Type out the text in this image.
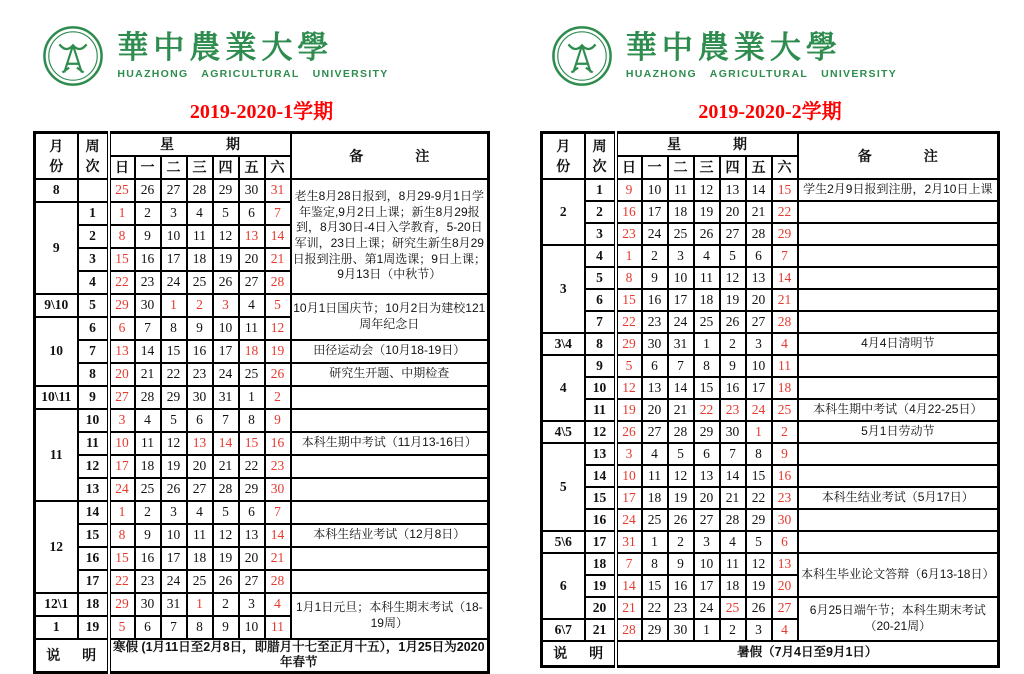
華中農業大學
HUAZHONG AGRICULTURAL UNIVERSITY
2019-2020-1学期
月
份

周
次

星	期

备	注

		日	一	二	三	四	五	六	
8		25	26	27	28	29	30	31	老生8月28日报到，8月29-9月1日学年鉴定,9月2日上课；新生8月29报到，8月30日-4日入学教育，5-20日军训，23日上课；研究生新生8月29日报到注册、第1周选课；9日上课；9月13日（中秋节）
9	1	1	2	3	4	5	6	7	
	2	8	9	10	11	12	13	14	
	3	15	16	17	18	19	20	21	
	4	22	23	24	25	26	27	28	
9\10	5	29	30	1	2	3	4	5	10月1日国庆节；10月2日为建校121周年纪念日
10	6	6	7	8	9	10	11	12	
	7	13	14	15	16	17	18	19	田径运动会（10月18-19日）
	8	20	21	22	23	24	25	26	研究生开题、中期检查
10\11	9	27	28	29	30	31	1	2	
11	10	3	4	5	6	7	8	9	
	11	10	11	12	13	14	15	16	本科生期中考试（11月13-16日）
	12	17	18	19	20	21	22	23	
	13	24	25	26	27	28	29	30	
12	14	1	2	3	4	5	6	7	
	15	8	9	10	11	12	13	14	本科生结业考试（12月8日）
	16	15	16	17	18	19	20	21	
	17	22	23	24	25	26	27	28	
12\1	18	29	30	31	1	2	3	4	1月1日元旦；本科生期末考试（18-19周）
1	19	5	6	7	8	9	10	11	
说 明		寒假 (1月11日至2月8日，即腊月十七至正月十五），1月25日为2020年春节							
華中農業大學
HUAZHONG AGRICULTURAL UNIVERSITY
2019-2020-2学期
月
份

周
次

星	期

备	注

		日	一	二	三	四	五	六	
2	1	9	10	11	12	13	14	15	学生2月9日报到注册，2月10日上课
	2	16	17	18	19	20	21	22	
	3	23	24	25	26	27	28	29	
3	4	1	2	3	4	5	6	7	
	5	8	9	10	11	12	13	14	
	6	15	16	17	18	19	20	21	
	7	22	23	24	25	26	27	28	
3\4	8	29	30	31	1	2	3	4	4月4日清明节
4	9	5	6	7	8	9	10	11	
	10	12	13	14	15	16	17	18	
	11	19	20	21	22	23	24	25	本科生期中考试（4月22-25日）
4\5	12	26	27	28	29	30	1	2	5月1日劳动节
5	13	3	4	5	6	7	8	9	
	14	10	11	12	13	14	15	16	
	15	17	18	19	20	21	22	23	本科生结业考试（5月17日）
	16	24	25	26	27	28	29	30	
5\6	17	31	1	2	3	4	5	6	
6	18	7	8	9	10	11	12	13	本科生毕业论文答辩（6月13-18日）
	19	14	15	16	17	18	19	20	
	20	21	22	23	24	25	26	27	6月25日端午节；本科生期末考试（20-21周）
6\7	21	28	29	30	1	2	3	4	
说 明		暑假（7月4日至9月1日）							
